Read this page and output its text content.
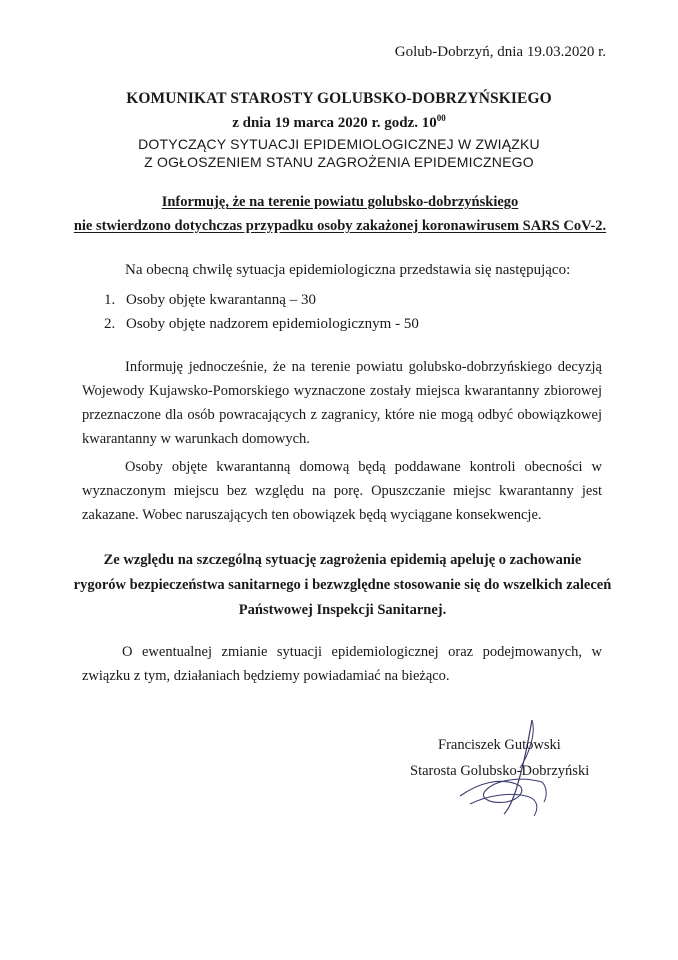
Golub-Dobrzyń, dnia 19.03.2020 r.
KOMUNIKAT STAROSTY GOLUBSKO-DOBRZYŃSKIEGO
z dnia 19 marca 2020 r. godz. $10^{00}$
DOTYCZĄCY SYTUACJI EPIDEMIOLOGICZNEJ W ZWIĄZKU
Z OGŁOSZENIEM STANU ZAGROŻENIA EPIDEMICZNEGO
Informuję, że na terenie powiatu golubsko-dobrzyńskiego
nie stwierdzono dotychczas przypadku osoby zakażonej koronawirusem SARS CoV-2.
Na obecną chwilę sytuacja epidemiologiczna przedstawia się następująco:
1. Osoby objęte kwarantanną – 30
2. Osoby objęte nadzorem epidemiologicznym - 50
Informuję jednocześnie, że na terenie powiatu golubsko-dobrzyńskiego decyzją Wojewody Kujawsko-Pomorskiego wyznaczone zostały miejsca kwarantanny zbiorowej przeznaczone dla osób powracających z zagranicy, które nie mogą odbyć obowiązkowej kwarantanny w warunkach domowych.
Osoby objęte kwarantanną domową będą poddawane kontroli obecności w wyznaczonym miejscu bez względu na porę. Opuszczanie miejsc kwarantanny jest zakazane. Wobec naruszających ten obowiązek będą wyciągane konsekwencje.
Ze względu na szczególną sytuację zagrożenia epidemią apeluję o zachowanie
rygorów bezpieczeństwa sanitarnego i bezwzględne stosowanie się do wszelkich zaleceń
Państwowej Inspekcji Sanitarnej.
O ewentualnej zmianie sytuacji epidemiologicznej oraz podejmowanych, w związku z tym, działaniach będziemy powiadamiać na bieżąco.
Franciszek Gutowski
Starosta Golubsko-Dobrzyński
